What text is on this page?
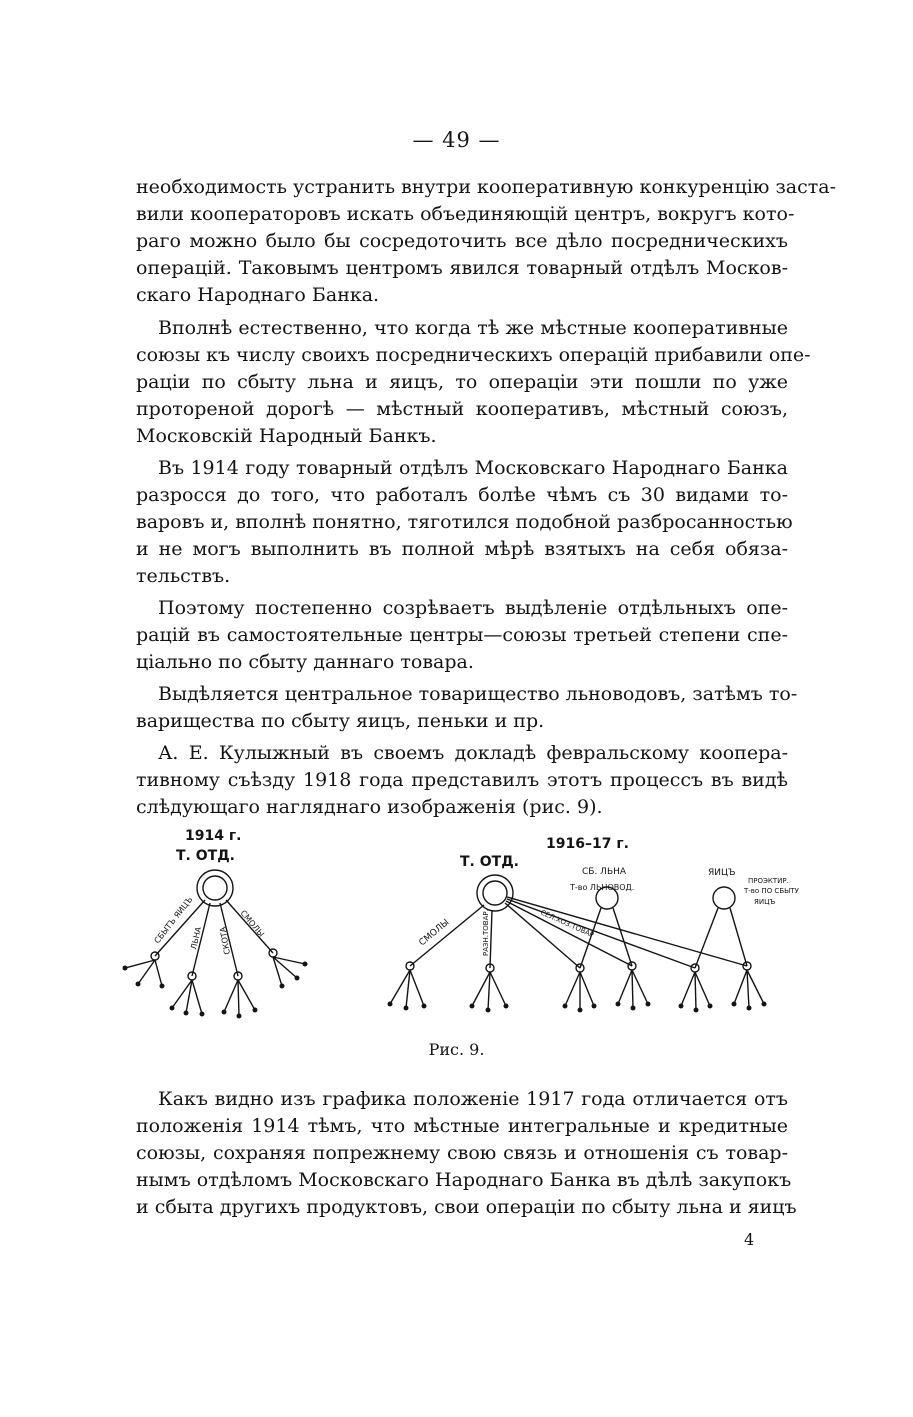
— 49 —
необходимость устранить внутри кооперативную конкуренцію заста-
вили кооператоровъ искать объединяющій центръ, вокругъ кото-
раго можно было бы сосредоточить все дѣло посредническихъ
операцій. Таковымъ центромъ явился товарный отдѣлъ Москов-
скаго Народнаго Банка.
Вполнѣ естественно, что когда тѣ же мѣстные кооперативные
союзы къ числу своихъ посредническихъ операцій прибавили опе-
раціи по сбыту льна и яицъ, то операціи эти пошли по уже
протореной дорогѣ — мѣстный кооперативъ, мѣстный союзъ,
Московскій Народный Банкъ.
Въ 1914 году товарный отдѣлъ Московскаго Народнаго Банка
разросся до того, что работалъ болѣе чѣмъ съ 30 видами то-
варовъ и, вполнѣ понятно, тяготился подобной разбросанностью
и не могъ выполнить въ полной мѣрѣ взятыхъ на себя обяза-
тельствъ.
Поэтому постепенно созрѣваетъ выдѣленіе отдѣльныхъ опе-
рацій въ самостоятельные центры—союзы третьей степени спе-
ціально по сбыту даннаго товара.
Выдѣляется центральное товарищество льноводовъ, затѣмъ то-
варищества по сбыту яицъ, пеньки и пр.
А. Е. Кулыжный въ своемъ докладѣ февральскому коопера-
тивному съѣзду 1918 года представилъ этотъ процессъ въ видѣ
слѣдующаго нагляднаго изображенія (рис. 9).
1914 г.
Т. ОТД.
СБЫТЪ ЯИЦЪ
ЛЬНА СКОТА
СМОЛЫ
1916–17 г.
Т. ОТД.
СМОЛЫ	РАЗН.ТОВАР.	СЕЛ.ХОЗ.ТОВАР
СБ. ЛЬНА
Т-во ЛЬНОВОД.
ЯИЦЪ
ПРОЭКТИР.
Т-во ПО СБЫТУ
ЯИЦЪ
Рис. 9.
Какъ видно изъ графика положеніе 1917 года отличается отъ
положенія 1914 тѣмъ, что мѣстные интегральные и кредитные
союзы, сохраняя попрежнему свою связь и отношенія съ товар-
нымъ отдѣломъ Московскаго Народнаго Банка въ дѣлѣ закупокъ
и сбыта другихъ продуктовъ, свои операціи по сбыту льна и яицъ
4
